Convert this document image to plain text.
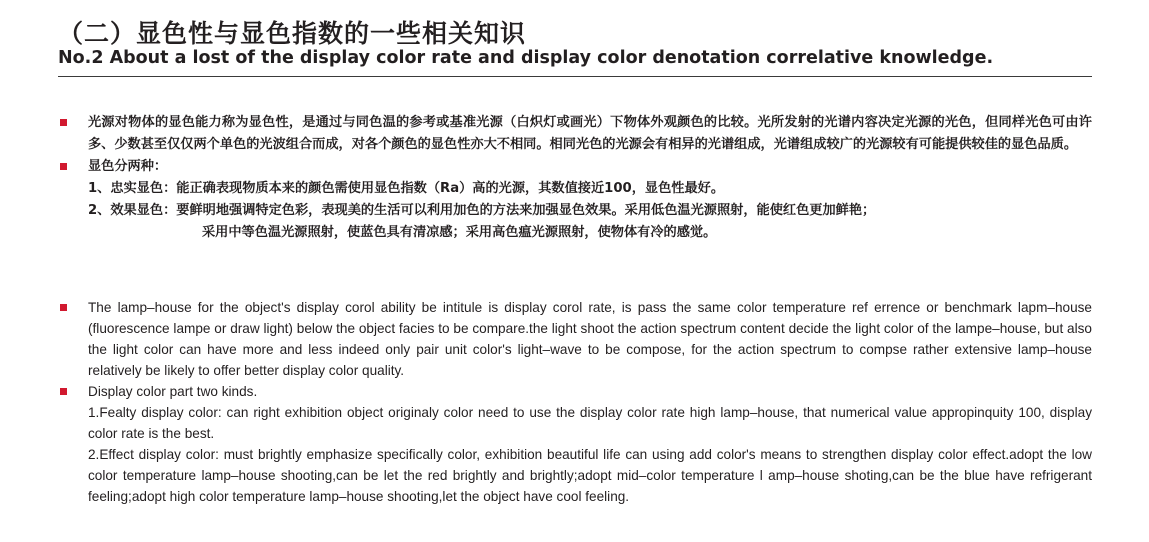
（二）显色性与显色指数的一些相关知识
No.2 About a lost of the display color rate and display color denotation correlative knowledge.
光源对物体的显色能力称为显色性，是通过与同色温的参考或基准光源（白炽灯或画光）下物体外观颜色的比较。光所发射的光谱内容决定光源的光色，但同样光色可由许多、少数甚至仅仅两个单色的光波组合而成，对各个颜色的显色性亦大不相同。相同光色的光源会有相异的光谱组成，光谱组成较广的光源较有可能提供较佳的显色品质。
显色分两种：
1、忠实显色：能正确表现物质本来的颜色需使用显色指数（Ra）高的光源，其数值接近100，显色性最好。
2、效果显色：要鲜明地强调特定色彩，表现美的生活可以利用加色的方法来加强显色效果。采用低色温光源照射，能使红色更加鲜艳；
采用中等色温光源照射，使蓝色具有清凉感；采用高色瘟光源照射，使物体有冷的感觉。
The lamp–house for the object's display corol ability be intitule is display corol rate, is pass the same color temperature ref errence or benchmark lapm–house (fluorescence lampe or draw light) below the object facies to be compare.the light shoot the action spectrum content decide the light color of the lampe–house, but also the light color can have more and less indeed only pair unit color's light–wave to be compose, for the action spectrum to compse rather extensive lamp–house relatively be likely to offer better display color quality.
Display color part two kinds.
1.Fealty display color: can right exhibition object originaly color need to use the display color rate high lamp–house, that numerical value appropinquity 100, display color rate is the best.
2.Effect display color: must brightly emphasize specifically color, exhibition beautiful life can using add color's means to strengthen display color effect.adopt the low color temperature lamp–house shooting,can be let the red brightly and brightly;adopt mid–color temperature l amp–house shoting,can be the blue have refrigerant feeling;adopt high color temperature lamp–house shooting,let the object have cool feeling.
